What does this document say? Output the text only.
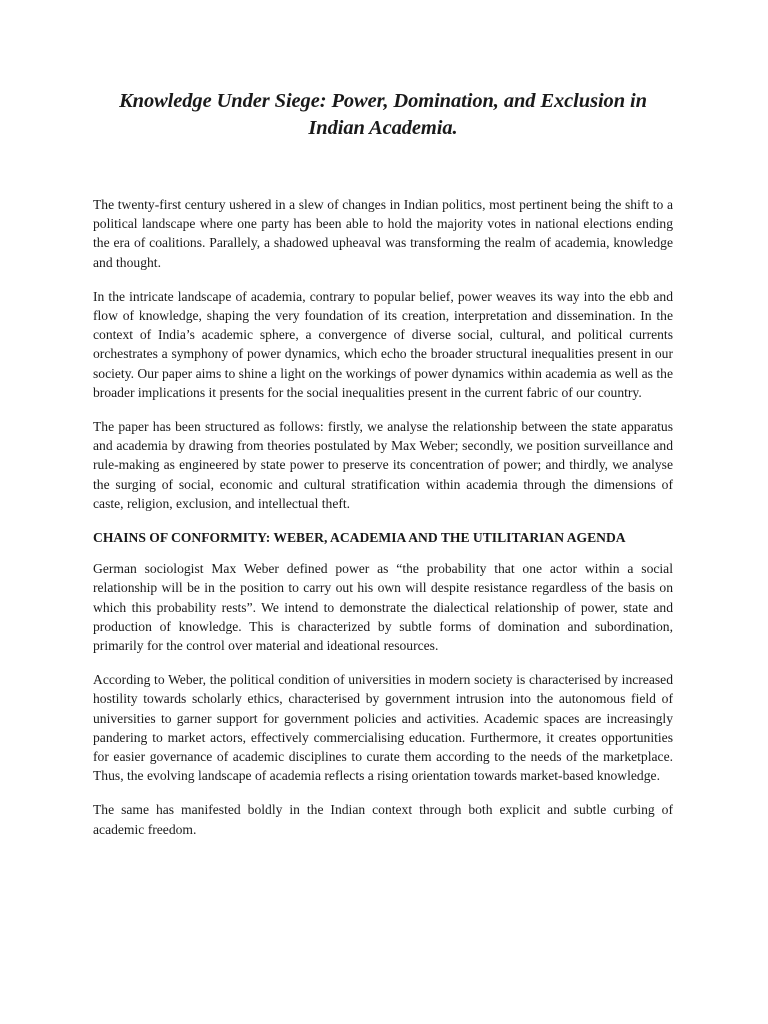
Knowledge Under Siege: Power, Domination, and Exclusion in Indian Academia.

The twenty-first century ushered in a slew of changes in Indian politics, most pertinent being the shift to a political landscape where one party has been able to hold the majority votes in national elections ending the era of coalitions. Parallely, a shadowed upheaval was transforming the realm of academia, knowledge and thought.

In the intricate landscape of academia, contrary to popular belief, power weaves its way into the ebb and flow of knowledge, shaping the very foundation of its creation, interpretation and dissemination. In the context of India’s academic sphere, a convergence of diverse social, cultural, and political currents orchestrates a symphony of power dynamics, which echo the broader structural inequalities present in our society. Our paper aims to shine a light on the workings of power dynamics within academia as well as the broader implications it presents for the social inequalities present in the current fabric of our country.

The paper has been structured as follows: firstly, we analyse the relationship between the state apparatus and academia by drawing from theories postulated by Max Weber; secondly, we position surveillance and rule-making as engineered by state power to preserve its concentration of power; and thirdly, we analyse the surging of social, economic and cultural stratification within academia through the dimensions of caste, religion, exclusion, and intellectual theft.

CHAINS OF CONFORMITY: WEBER, ACADEMIA AND THE UTILITARIAN AGENDA

German sociologist Max Weber defined power as “the probability that one actor within a social relationship will be in the position to carry out his own will despite resistance regardless of the basis on which this probability rests”. We intend to demonstrate the dialectical relationship of power, state and production of knowledge. This is characterized by subtle forms of domination and subordination, primarily for the control over material and ideational resources.

According to Weber, the political condition of universities in modern society is characterised by increased hostility towards scholarly ethics, characterised by government intrusion into the autonomous field of universities to garner support for government policies and activities. Academic spaces are increasingly pandering to market actors, effectively commercialising education. Furthermore, it creates opportunities for easier governance of academic disciplines to curate them according to the needs of the marketplace. Thus, the evolving landscape of academia reflects a rising orientation towards market-based knowledge.

The same has manifested boldly in the Indian context through both explicit and subtle curbing of academic freedom.
